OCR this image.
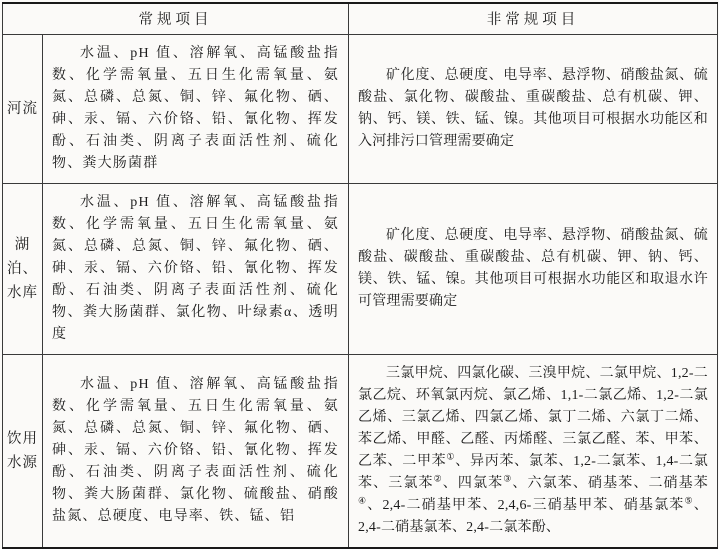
常规项目		非常规项目
河流	水温、pH 值、溶解氧、高锰酸盐指数、化学需氧量、五日生化需氧量、氨氮、总磷、总氮、铜、锌、氟化物、硒、砷、汞、镉、六价铬、铅、氰化物、挥发酚、石油类、阴离子表面活性剂、硫化物、粪大肠菌群	矿化度、总硬度、电导率、悬浮物、硝酸盐氮、硫酸盐、氯化物、碳酸盐、重碳酸盐、总有机碳、钾、钠、钙、镁、铁、锰、镍。其他项目可根据水功能区和入河排污口管理需要确定

湖泊、水库	水温、pH 值、溶解氧、高锰酸盐指数、化学需氧量、五日生化需氧量、氨氮、总磷、总氮、铜、锌、氟化物、硒、砷、汞、镉、六价铬、铅、氰化物、挥发酚、石油类、阴离子表面活性剂、硫化物、粪大肠菌群、氯化物、叶绿素α、透明度	矿化度、总硬度、电导率、悬浮物、硝酸盐氮、硫酸盐、碳酸盐、重碳酸盐、总有机碳、钾、钠、钙、镁、铁、锰、镍。其他项目可根据水功能区和取退水许可管理需要确定

饮用水源	水温、pH 值、溶解氧、高锰酸盐指数、化学需氧量、五日生化需氧量、氨氮、总磷、总氮、铜、锌、氟化物、硒、砷、汞、镉、六价铬、铅、氰化物、挥发酚、石油类、阴离子表面活性剂、硫化物、粪大肠菌群、氯化物、硫酸盐、硝酸盐氮、总硬度、电导率、铁、锰、铝	三氯甲烷、四氯化碳、三溴甲烷、二氯甲烷、1,2-二氯乙烷、环氧氯丙烷、氯乙烯、1,1-二氯乙烯、1,2-二氯乙烯、三氯乙烯、四氯乙烯、氯丁二烯、六氯丁二烯、苯乙烯、甲醛、乙醛、丙烯醛、三氯乙醛、苯、甲苯、乙苯、二甲苯①、异丙苯、氯苯、1,2-二氯苯、1,4-二氯苯、三氯苯②、四氯苯③、六氯苯、硝基苯、二硝基苯④、2,4-二硝基甲苯、2,4,6-三硝基甲苯、硝基氯苯⑤、2,4-二硝基氯苯、2,4-二氯苯酚、
